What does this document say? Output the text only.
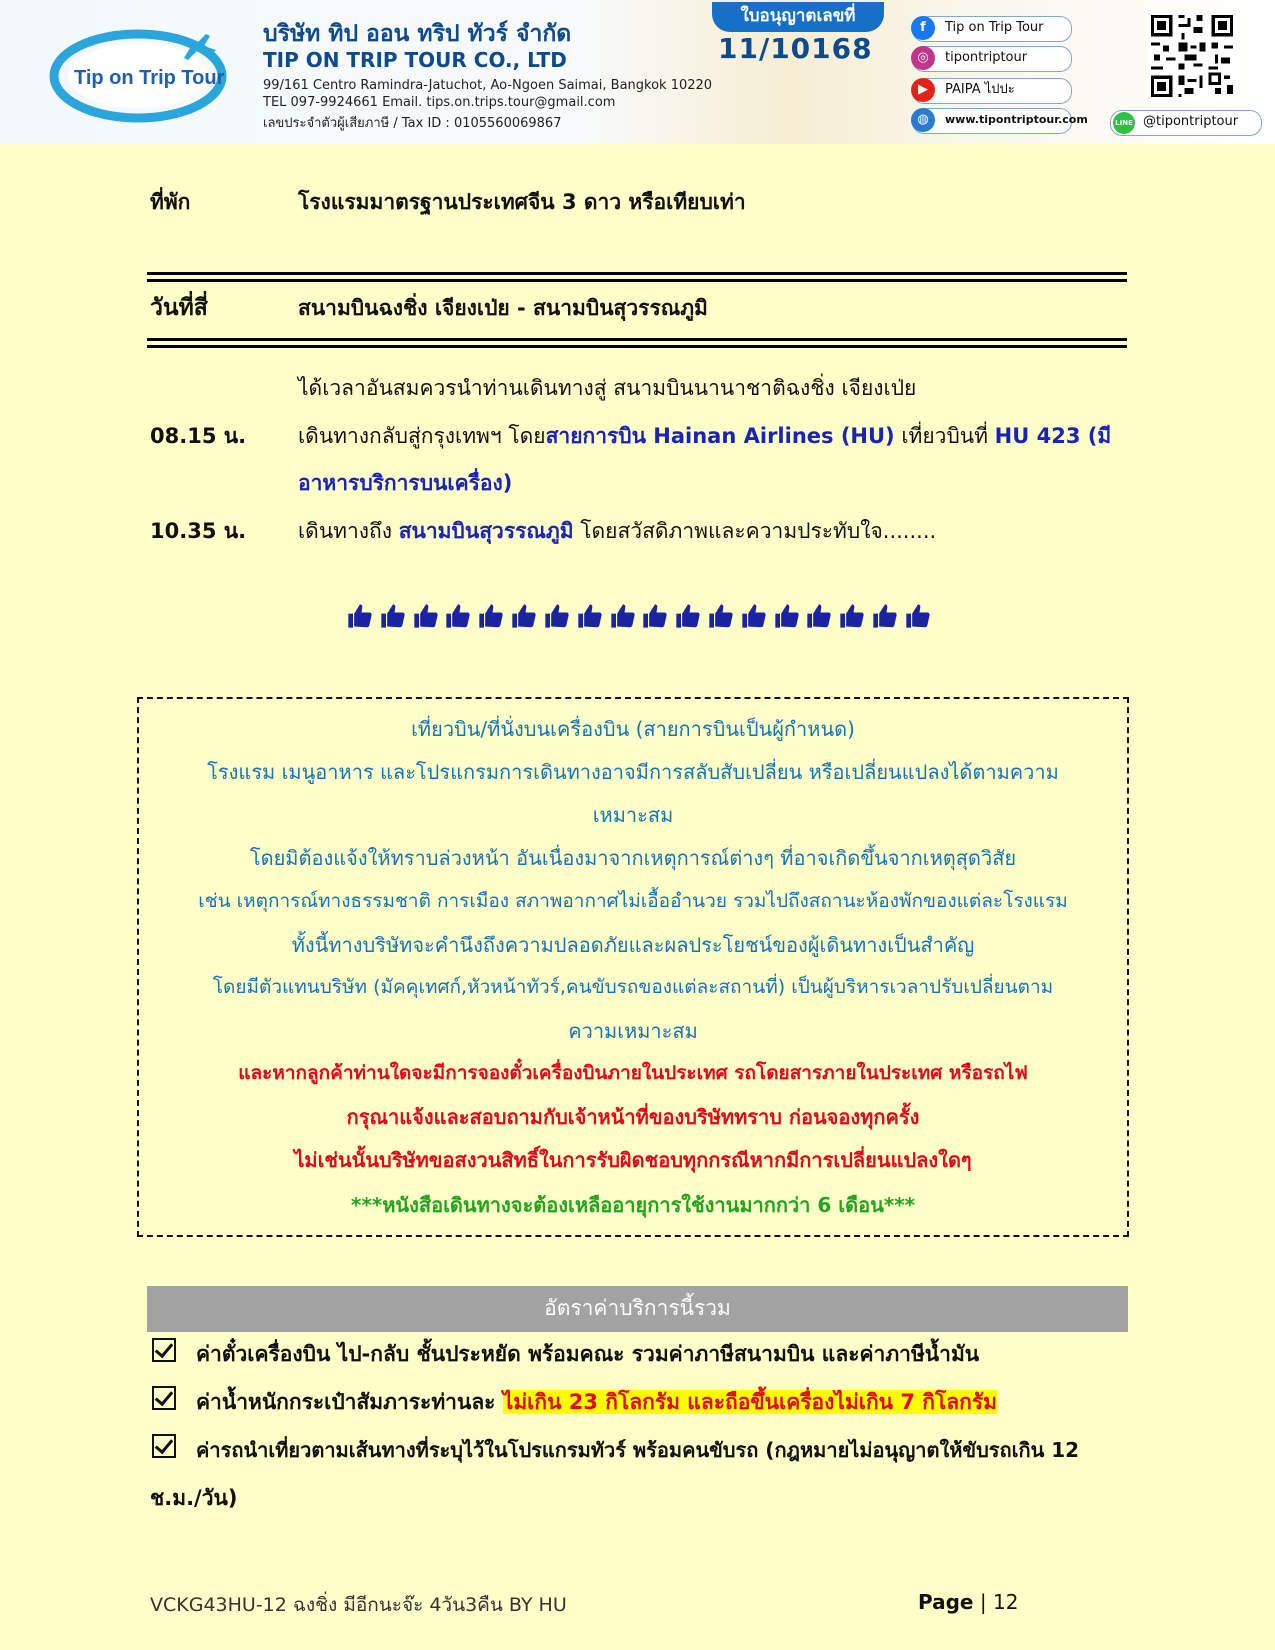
Tip on Trip Tour
บริษัท ทิป ออน ทริป ทัวร์ จำกัด
TIP ON TRIP TOUR CO., LTD
99/161 Centro Ramindra-Jatuchot, Ao-Ngoen Saimai, Bangkok 10220
TEL 097-9924661 Email. tips.on.trips.tour@gmail.com
เลขประจำตัวผู้เสียภาษี / Tax ID : 0105560069867
ใบอนุญาตเลขที่
11/10168
f	Tip on Trip Tour
◎	tipontriptour
▶	PAIPA ไปปะ
◍	www.tipontriptour.com	LINE @tipontriptour
ที่พัก	โรงแรมมาตรฐานประเทศจีน 3 ดาว หรือเทียบเท่า
วันที่สี่	สนามบินฉงชิ่ง เจียงเป่ย - สนามบินสุวรรณภูมิ
ได้เวลาอันสมควรนำท่านเดินทางสู่ สนามบินนานาชาติฉงชิ่ง เจียงเป่ย
08.15 น. เดินทางกลับสู่กรุงเทพฯ โดยสายการบิน Hainan Airlines (HU) เที่ยวบินที่ HU 423 (มี
อาหารบริการบนเครื่อง)
10.35 น. เดินทางถึง สนามบินสุวรรณภูมิ โดยสวัสดิภาพและความประทับใจ........
เที่ยวบิน/ที่นั่งบนเครื่องบิน (สายการบินเป็นผู้กำหนด)
โรงแรม เมนูอาหาร และโปรแกรมการเดินทางอาจมีการสลับสับเปลี่ยน หรือเปลี่ยนแปลงได้ตามความ
เหมาะสม
โดยมิต้องแจ้งให้ทราบล่วงหน้า อันเนื่องมาจากเหตุการณ์ต่างๆ ที่อาจเกิดขึ้นจากเหตุสุดวิสัย
เช่น เหตุการณ์ทางธรรมชาติ การเมือง สภาพอากาศไม่เอื้ออำนวย รวมไปถึงสถานะห้องพักของแต่ละโรงแรม
ทั้งนี้ทางบริษัทจะคำนึงถึงความปลอดภัยและผลประโยชน์ของผู้เดินทางเป็นสำคัญ
โดยมีตัวแทนบริษัท (มัคคุเทศก์,หัวหน้าทัวร์,คนขับรถของแต่ละสถานที่) เป็นผู้บริหารเวลาปรับเปลี่ยนตาม
ความเหมาะสม
และหากลูกค้าท่านใดจะมีการจองตั๋วเครื่องบินภายในประเทศ รถโดยสารภายในประเทศ หรือรถไฟ
กรุณาแจ้งและสอบถามกับเจ้าหน้าที่ของบริษัททราบ ก่อนจองทุกครั้ง
ไม่เช่นนั้นบริษัทขอสงวนสิทธิ์ในการรับผิดชอบทุกกรณีหากมีการเปลี่ยนแปลงใดๆ
***หนังสือเดินทางจะต้องเหลืออายุการใช้งานมากกว่า 6 เดือน***
อัตราค่าบริการนี้รวม
ค่าตั๋วเครื่องบิน ไป-กลับ ชั้นประหยัด พร้อมคณะ รวมค่าภาษีสนามบิน และค่าภาษีน้ำมัน
ค่าน้ำหนักกระเป๋าสัมภาระท่านละ ไม่เกิน 23 กิโลกรัม และถือขึ้นเครื่องไม่เกิน 7 กิโลกรัม
ค่ารถนำเที่ยวตามเส้นทางที่ระบุไว้ในโปรแกรมทัวร์ พร้อมคนขับรถ (กฎหมายไม่อนุญาตให้ขับรถเกิน 12
ช.ม./วัน)
VCKG43HU-12 ฉงชิ่ง มีอีกนะจ๊ะ 4วัน3คืน BY HU	Page | 12
